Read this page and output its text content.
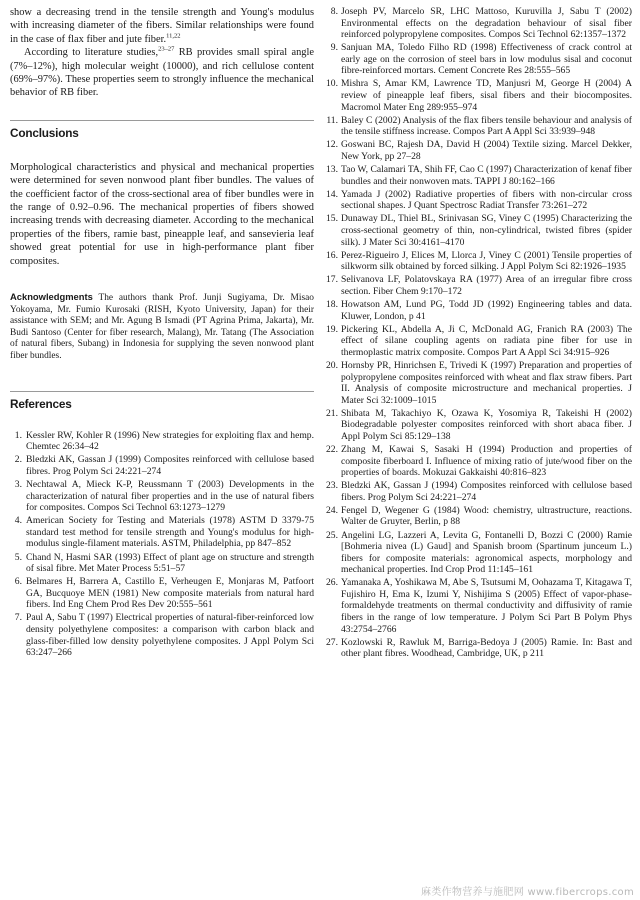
show a decreasing trend in the tensile strength and Young's modulus with increasing diameter of the fibers. Similar relationships were found in the case of flax fiber and jute fiber.$^{11,22}$

According to literature studies,$^{23-27}$ RB provides small spiral angle (7%–12%), high molecular weight (10000), and rich cellulose content (69%–97%). These properties seem to strongly influence the mechanical behavior of RB fiber.

Conclusions

Morphological characteristics and physical and mechanical properties were determined for seven nonwood plant fiber bundles. The values of the coefficient factor of the cross-sectional area of fiber bundles were in the range of 0.92–0.96. The mechanical properties of fibers showed increasing trends with decreasing diameter. According to the mechanical properties of the fibers, ramie bast, pineapple leaf, and sansevieria leaf showed great potential for use in high-performance plant fiber composites.

Acknowledgments The authors thank Prof. Junji Sugiyama, Dr. Misao Yokoyama, Mr. Fumio Kurosaki (RISH, Kyoto University, Japan) for their assistance with SEM; and Mr. Agung B Ismadi (PT Agrina Prima, Jakarta), Mr. Budi Santoso (Center for fiber research, Malang), Mr. Tatang (The Association of natural fibers, Subang) in Indonesia for supplying the seven nonwood plant fiber bundles.

References
1. Kessler RW, Kohler R (1996) New strategies for exploiting flax and hemp. Chemtec 26:34–42
2. Bledzki AK, Gassan J (1999) Composites reinforced with cellulose based fibres. Prog Polym Sci 24:221–274
3. Nechtawal A, Mieck K-P, Reussmann T (2003) Developments in the characterization of natural fiber properties and in the use of natural fibers for composites. Compos Sci Technol 63:1273–1279
4. American Society for Testing and Materials (1978) ASTM D 3379-75 standard test method for tensile strength and Young's modulus for high-modulus single-filament materials. ASTM, Philadelphia, pp 847–852
5. Chand N, Hasmi SAR (1993) Effect of plant age on structure and strength of sisal fibre. Met Mater Process 5:51–57
6. Belmares H, Barrera A, Castillo E, Verheugen E, Monjaras M, Patfoort GA, Bucquoye MEN (1981) New composite materials from natural hard fibers. Ind Eng Chem Prod Res Dev 20:555–561
7. Paul A, Sabu T (1997) Electrical properties of natural-fiber-reinforced low density polyethylene composites: a comparison with carbon black and glass-fiber-filled low density polyethylene composites. J Appl Polym Sci 63:247–266
8. Joseph PV, Marcelo SR, LHC Mattoso, Kuruvilla J, Sabu T (2002) Environmental effects on the degradation behaviour of sisal fiber reinforced polypropylene composites. Compos Sci Technol 62:1357–1372
9. Sanjuan MA, Toledo Filho RD (1998) Effectiveness of crack control at early age on the corrosion of steel bars in low modulus sisal and coconut fibre-reinforced mortars. Cement Concrete Res 28:555–565
10. Mishra S, Amar KM, Lawrence TD, Manjusri M, George H (2004) A review of pineapple leaf fibers, sisal fibers and their biocomposites. Macromol Mater Eng 289:955–974
11. Baley C (2002) Analysis of the flax fibers tensile behaviour and analysis of the tensile stiffness increase. Compos Part A Appl Sci 33:939–948
12. Goswani BC, Rajesh DA, David H (2004) Textile sizing. Marcel Dekker, New York, pp 27–28
13. Tao W, Calamari TA, Shih FF, Cao C (1997) Characterization of kenaf fiber bundles and their nonwoven mats. TAPPI J 80:162–166
14. Yamada J (2002) Radiative properties of fibers with non-circular cross sectional shapes. J Quant Spectrosc Radiat Transfer 73:261–272
15. Dunaway DL, Thiel BL, Srinivasan SG, Viney C (1995) Characterizing the cross-sectional geometry of thin, non-cylindrical, twisted fibres (spider silk). J Mater Sci 30:4161–4170
16. Perez-Rigueiro J, Elices M, Llorca J, Viney C (2001) Tensile properties of silkworm silk obtained by forced silking. J Appl Polym Sci 82:1926–1935
17. Selivanova LF, Polatovskaya RA (1977) Area of an irregular fibre cross section. Fiber Chem 9:170–172
18. Howatson AM, Lund PG, Todd JD (1992) Engineering tables and data. Kluwer, London, p 41
19. Pickering KL, Abdella A, Ji C, McDonald AG, Franich RA (2003) The effect of silane coupling agents on radiata pine fiber for use in thermoplastic matrix composite. Compos Part A Appl Sci 34:915–926
20. Hornsby PR, Hinrichsen E, Trivedi K (1997) Preparation and properties of polypropylene composites reinforced with wheat and flax straw fibers. Part II. Analysis of composite microstructure and mechanical properties. J Mater Sci 32:1009–1015
21. Shibata M, Takachiyo K, Ozawa K, Yosomiya R, Takeishi H (2002) Biodegradable polyester composites reinforced with short abaca fiber. J Appl Polym Sci 85:129–138
22. Zhang M, Kawai S, Sasaki H (1994) Production and properties of composite fiberboard I. Influence of mixing ratio of jute/wood fiber on the properties of boards. Mokuzai Gakkaishi 40:816–823
23. Bledzki AK, Gassan J (1994) Composites reinforced with cellulose based fibers. Prog Polym Sci 24:221–274
24. Fengel D, Wegener G (1984) Wood: chemistry, ultrastructure, reactions. Walter de Gruyter, Berlin, p 88
25. Angelini LG, Lazzeri A, Levita G, Fontanelli D, Bozzi C (2000) Ramie [Bohmeria nivea (L) Gaud] and Spanish broom (Spartinum junceum L.) fibers for composite materials: agronomical aspects, morphology and mechanical properties. Ind Crop Prod 11:145–161
26. Yamanaka A, Yoshikawa M, Abe S, Tsutsumi M, Oohazama T, Kitagawa T, Fujishiro H, Ema K, Izumi Y, Nishijima S (2005) Effect of vapor-phase-formaldehyde treatments on thermal conductivity and diffusivity of ramie fibers in the range of low temperature. J Polym Sci Part B Polym Phys 43:2754–2766
27. Kozlowski R, Rawluk M, Barriga-Bedoya J (2005) Ramie. In: Bast and other plant fibres. Woodhead, Cambridge, UK, p 211
麻类作物营养与施肥网 www.fibercrops.com
